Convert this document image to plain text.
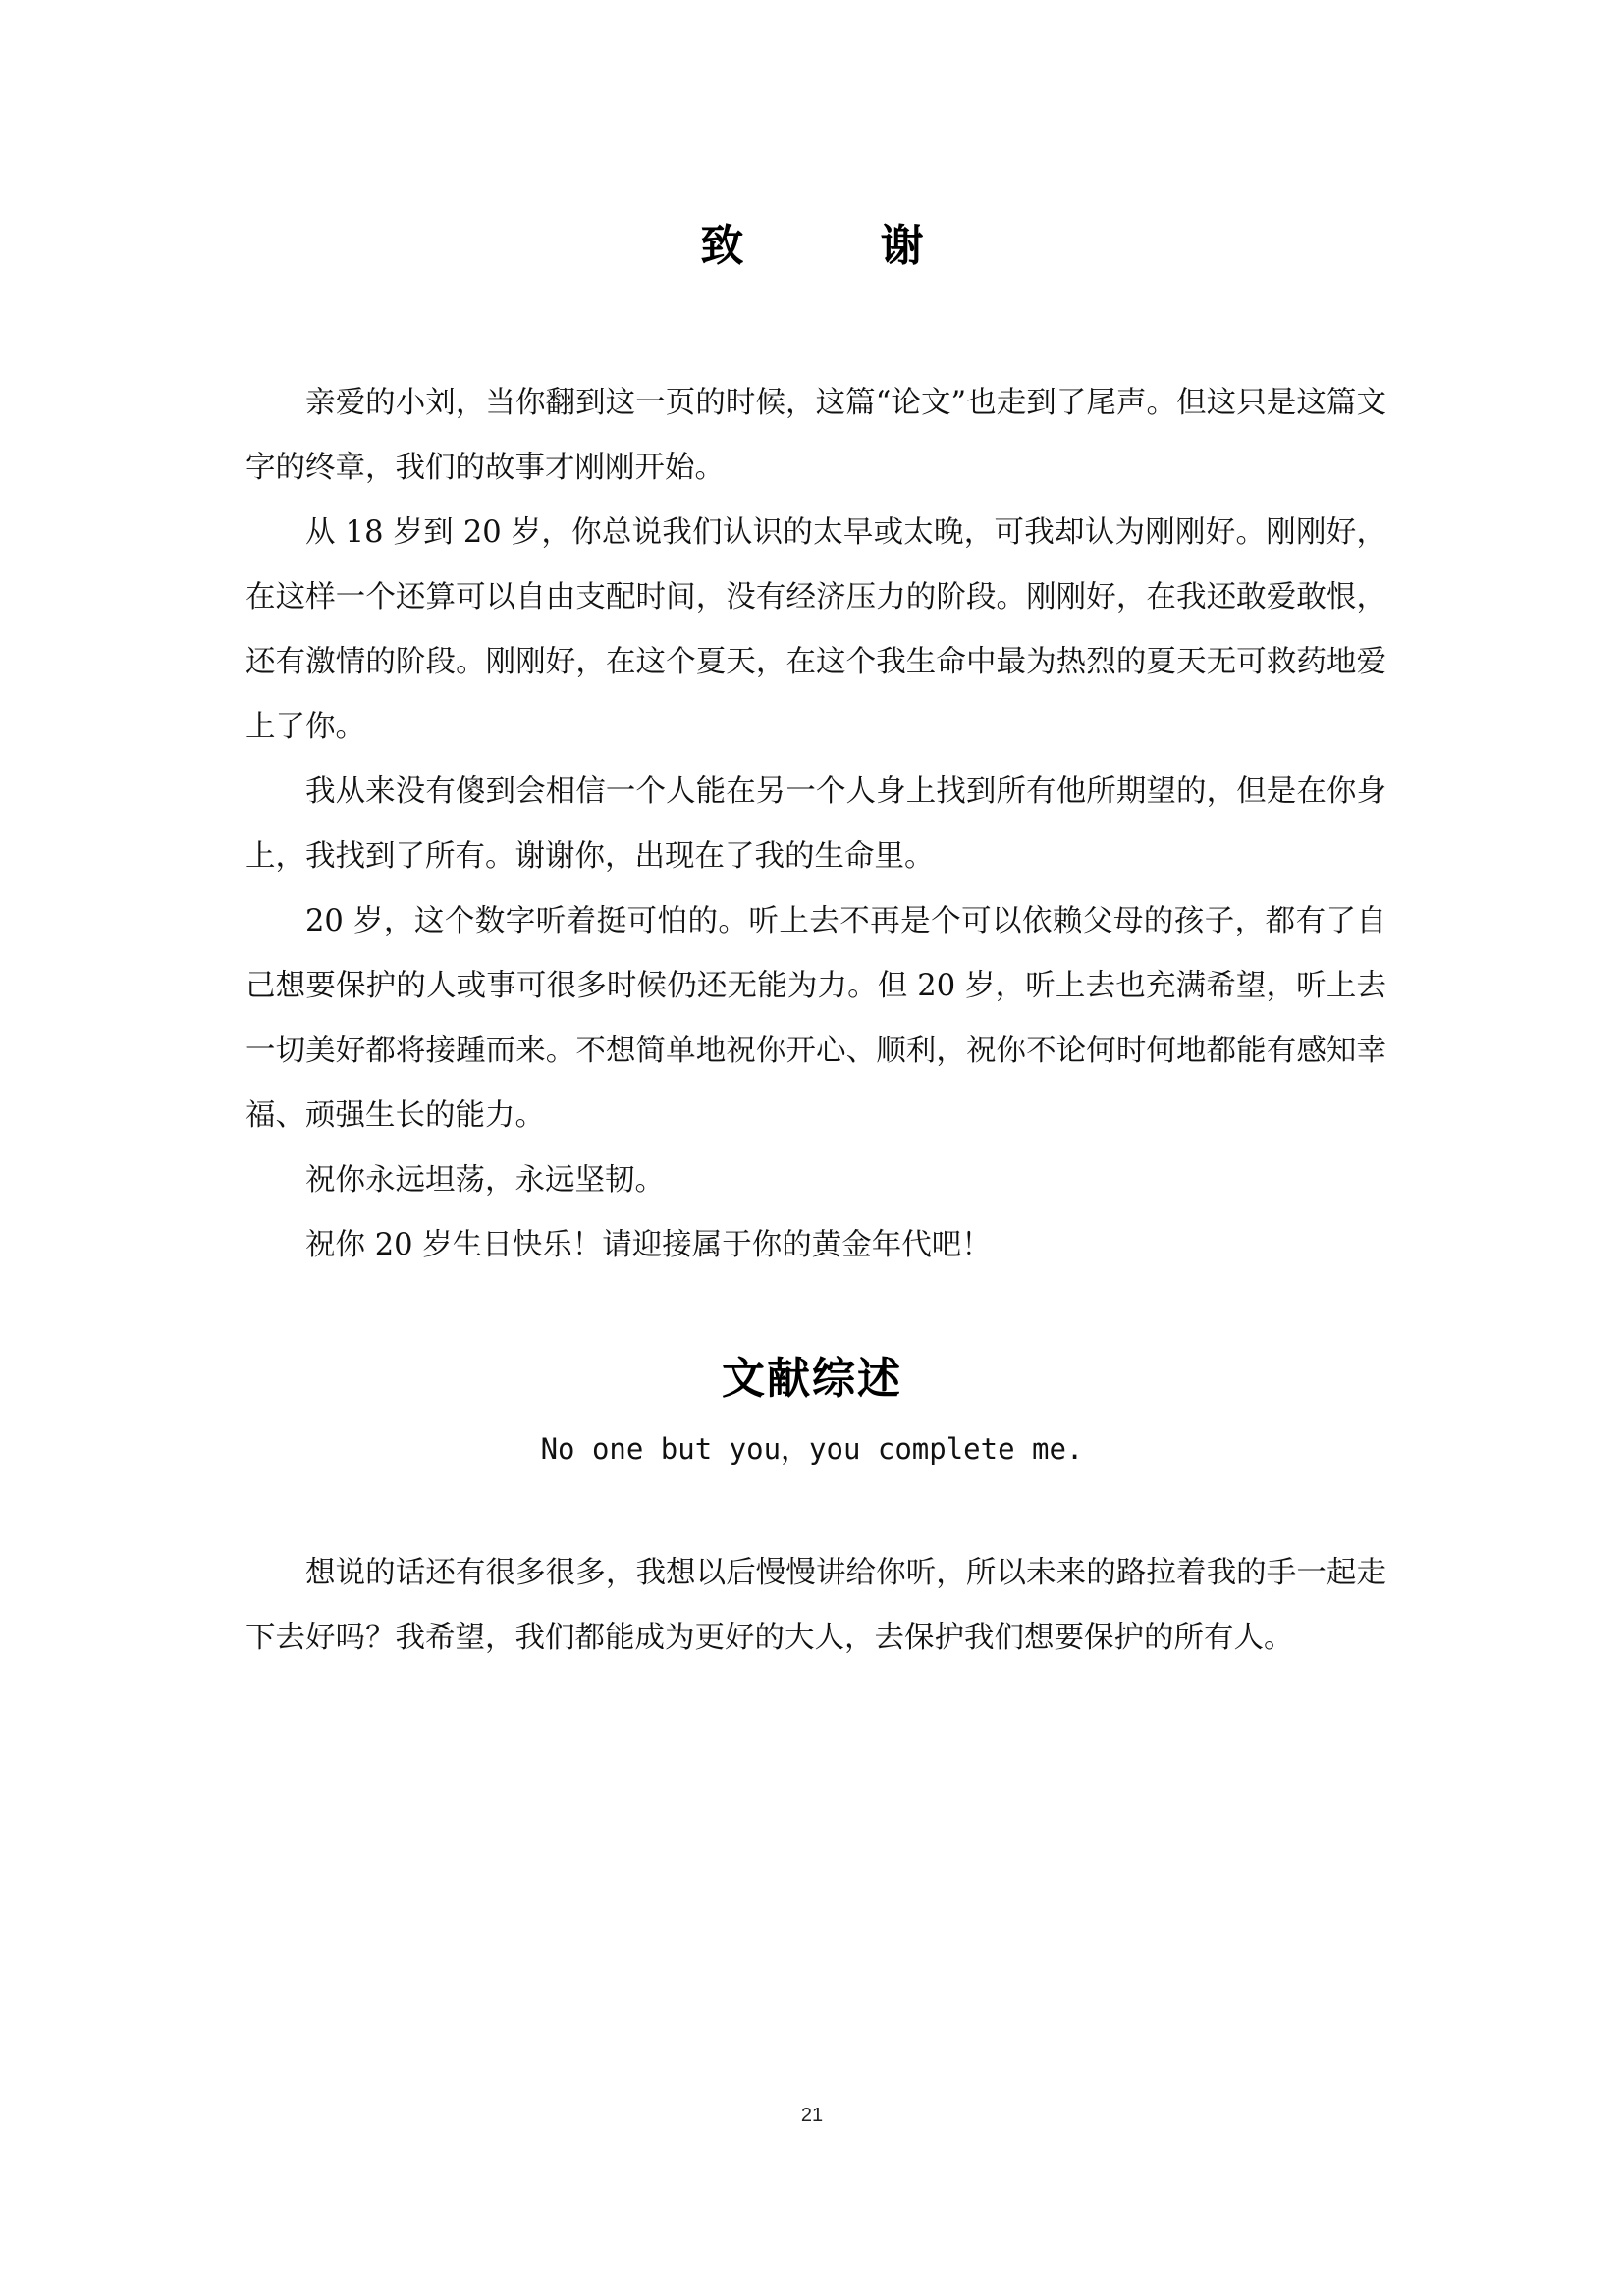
致 谢

亲爱的小刘，当你翻到这一页的时候，这篇“论文”也走到了尾声。但这只是这篇文字的终章，我们的故事才刚刚开始。

从 18 岁到 20 岁，你总说我们认识的太早或太晚，可我却认为刚刚好。刚刚好，在这样一个还算可以自由支配时间，没有经济压力的阶段。刚刚好，在我还敢爱敢恨，还有激情的阶段。刚刚好，在这个夏天，在这个我生命中最为热烈的夏天无可救药地爱上了你。

我从来没有傻到会相信一个人能在另一个人身上找到所有他所期望的，但是在你身上，我找到了所有。谢谢你，出现在了我的生命里。

20 岁，这个数字听着挺可怕的。听上去不再是个可以依赖父母的孩子，都有了自己想要保护的人或事可很多时候仍还无能为力。但 20 岁，听上去也充满希望，听上去一切美好都将接踵而来。不想简单地祝你开心、顺利，祝你不论何时何地都能有感知幸福、顽强生长的能力。

祝你永远坦荡，永远坚韧。

祝你 20 岁生日快乐！请迎接属于你的黄金年代吧！

文献综述

No one but you，you complete me.

想说的话还有很多很多，我想以后慢慢讲给你听，所以未来的路拉着我的手一起走下去好吗？我希望，我们都能成为更好的大人，去保护我们想要保护的所有人。

21
